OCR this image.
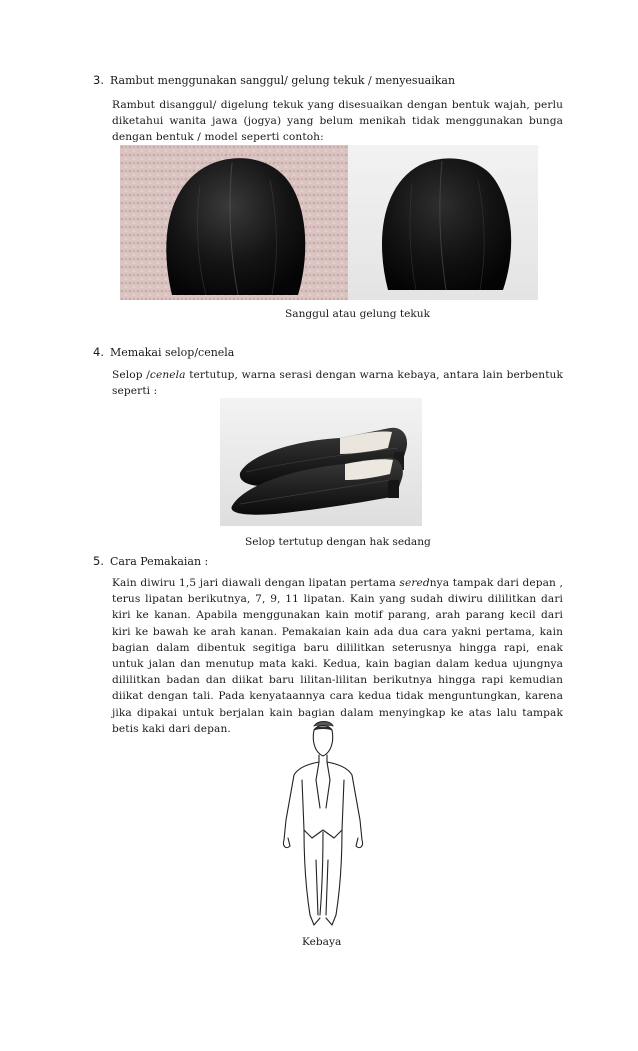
3. Rambut menggunakan sanggul/ gelung tekuk / menyesuaikan

Rambut disanggul/ digelung tekuk yang disesuaikan dengan bentuk wajah, perlu diketahui wanita jawa (jogya) yang belum menikah tidak menggunakan bunga dengan bentuk / model seperti contoh:

Sanggul atau gelung tekuk
4. Memakai selop/cenela

Selop /cenela tertutup, warna serasi dengan warna kebaya, antara lain berbentuk seperti :

Selop tertutup dengan hak sedang
5. Cara Pemakaian :

Kain diwiru 1,5 jari diawali dengan lipatan pertama serednya tampak dari depan , terus lipatan berikutnya, 7, 9, 11 lipatan. Kain yang sudah diwiru dililitkan dari kiri ke kanan. Apabila menggunakan kain motif parang, arah parang kecil dari kiri ke bawah ke arah kanan. Pemakaian kain ada dua cara yakni pertama, kain bagian dalam dibentuk segitiga baru dililitkan seterusnya hingga rapi, enak untuk jalan dan menutup mata kaki. Kedua, kain bagian dalam kedua ujungnya dililitkan badan dan diikat baru lilitan-lilitan berikutnya hingga rapi kemudian diikat dengan tali. Pada kenyataannya cara kedua tidak menguntungkan, karena jika dipakai untuk berjalan kain bagian dalam menyingkap ke atas lalu tampak betis kaki dari depan.

Kebaya
